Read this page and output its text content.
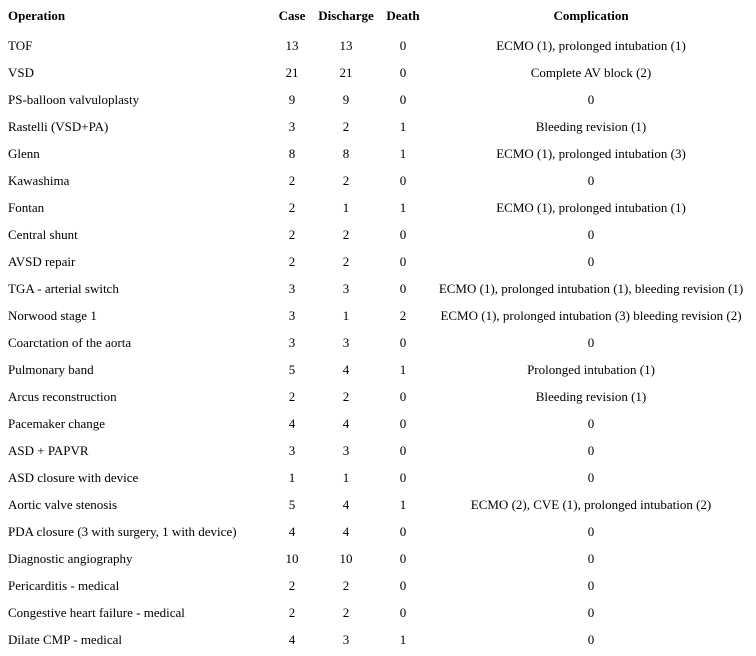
Operation	Case	Discharge	Death	Complication
TOF	13	13	0	ECMO (1), prolonged intubation (1)
VSD	21	21	0	Complete AV block (2)
PS-balloon valvuloplasty	9	9	0	0
Rastelli (VSD+PA)	3	2	1	Bleeding revision (1)
Glenn	8	8	1	ECMO (1), prolonged intubation (3)
Kawashima	2	2	0	0
Fontan	2	1	1	ECMO (1), prolonged intubation (1)
Central shunt	2	2	0	0
AVSD repair	2	2	0	0
TGA - arterial switch	3	3	0	ECMO (1), prolonged intubation (1), bleeding revision (1)
Norwood stage 1	3	1	2	ECMO (1), prolonged intubation (3) bleeding revision (2)
Coarctation of the aorta	3	3	0	0
Pulmonary band	5	4	1	Prolonged intubation (1)
Arcus reconstruction	2	2	0	Bleeding revision (1)
Pacemaker change	4	4	0	0
ASD + PAPVR	3	3	0	0
ASD closure with device	1	1	0	0
Aortic valve stenosis	5	4	1	ECMO (2), CVE (1), prolonged intubation (2)
PDA closure (3 with surgery, 1 with device)	4	4	0	0
Diagnostic angiography	10	10	0	0
Pericarditis - medical	2	2	0	0
Congestive heart failure - medical	2	2	0	0
Dilate CMP - medical	4	3	1	0
